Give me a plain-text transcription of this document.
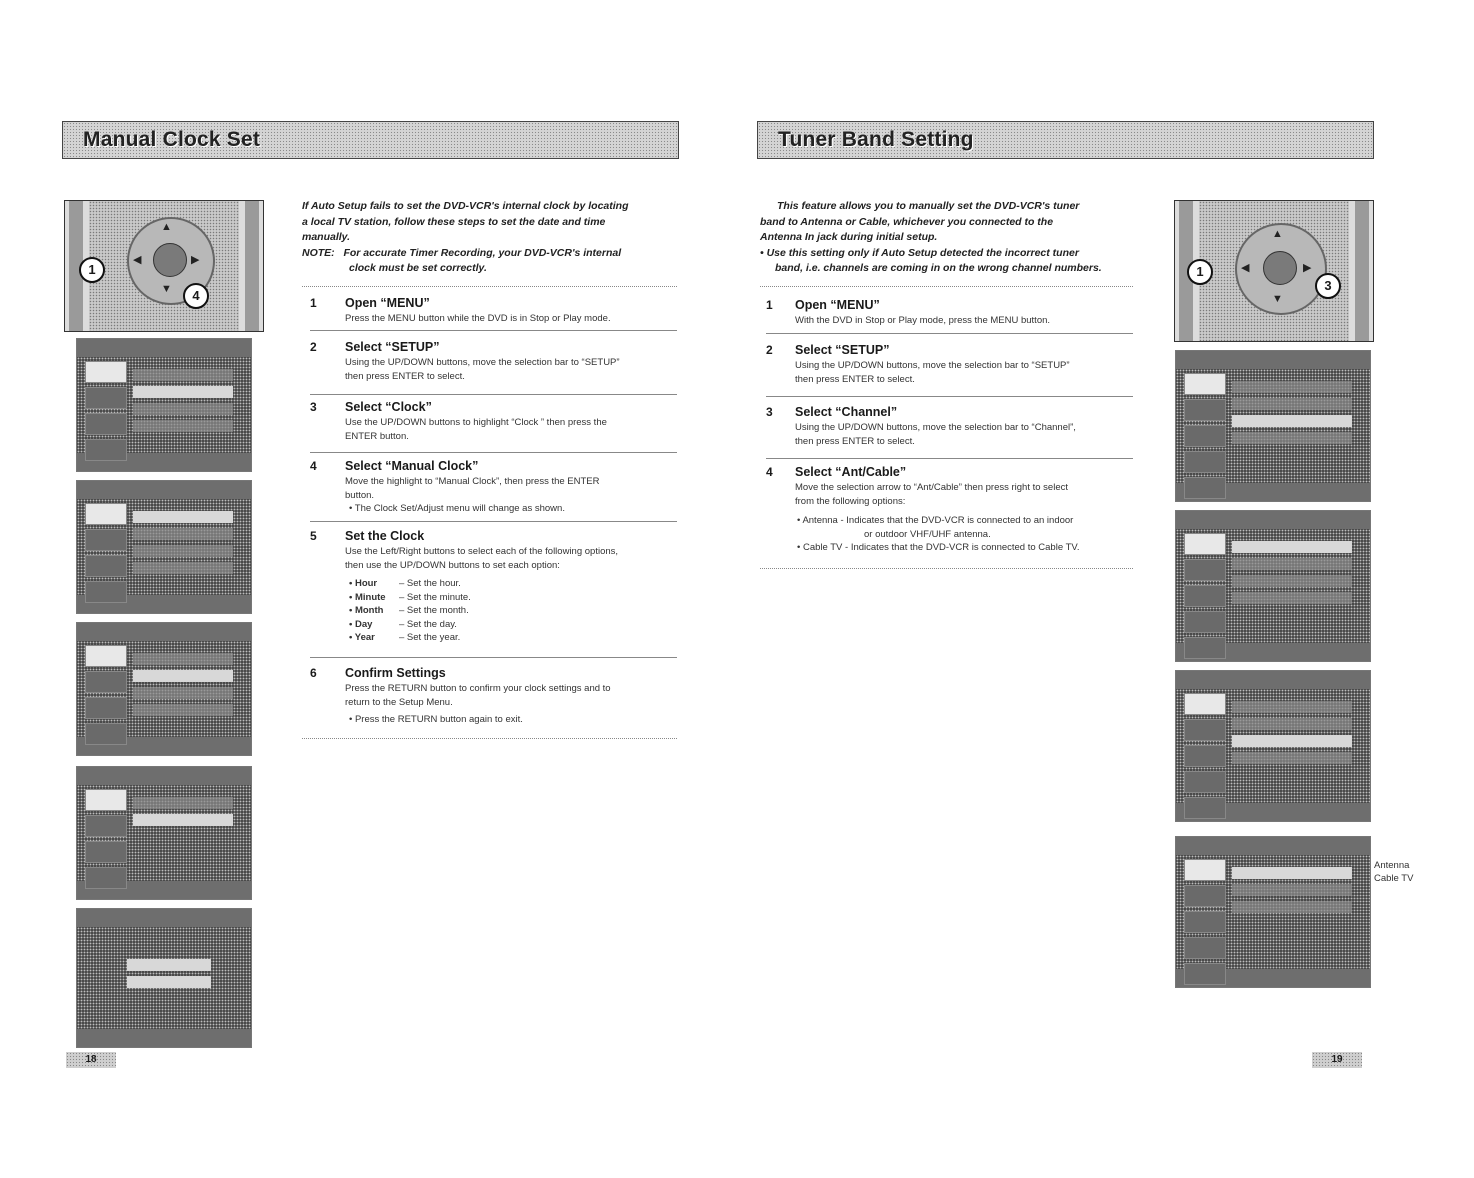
Manual Clock Set
▲
▼
◀	▶
1
4
18

If Auto Setup fails to set the DVD-VCR's internal clock by locating

a local TV station, follow these steps to set the date and time

manually.

NOTE: For accurate Timer Recording, your DVD-VCR's internal

clock must be set correctly.

1 Open “MENU”

Press the MENU button while the DVD is in Stop or Play mode.

2 Select “SETUP”

Using the UP/DOWN buttons, move the selection bar to “SETUP”

then press ENTER to select.

3 Select “Clock”

Use the UP/DOWN buttons to highlight “Clock ” then press the

ENTER button.

4 Select “Manual Clock”

Move the highlight to “Manual Clock”, then press the ENTER

button.

• The Clock Set/Adjust menu will change as shown.

5 Set the Clock

Use the Left/Right buttons to select each of the following options,

then use the UP/DOWN buttons to set each option:

• Hour – Set the hour.
• Minute – Set the minute.
• Month – Set the month.
• Day	– Set the day.
• Year	– Set the year.
6 Confirm Settings

Press the RETURN button to confirm your clock settings and to

return to the Setup Menu.

• Press the RETURN button again to exit.

Tuner Band Setting

This feature allows you to manually set the DVD-VCR's tuner

band to Antenna or Cable, whichever you connected to the

Antenna In jack during initial setup.

• Use this setting only if Auto Setup detected the incorrect tuner

band, i.e. channels are coming in on the wrong channel numbers.

1 Open “MENU”

With the DVD in Stop or Play mode, press the MENU button.

2 Select “SETUP”

Using the UP/DOWN buttons, move the selection bar to “SETUP”

then press ENTER to select.

3 Select “Channel”

Using the UP/DOWN buttons, move the selection bar to “Channel”,

then press ENTER to select.

4 Select “Ant/Cable”

Move the selection arrow to “Ant/Cable” then press right to select

from the following options:

• Antenna - Indicates that the DVD-VCR is connected to an indoor

or outdoor VHF/UHF antenna.

• Cable TV - Indicates that the DVD-VCR is connected to Cable TV.

▲
▼
◀	▶
1
3
Antenna
Cable TV
19
